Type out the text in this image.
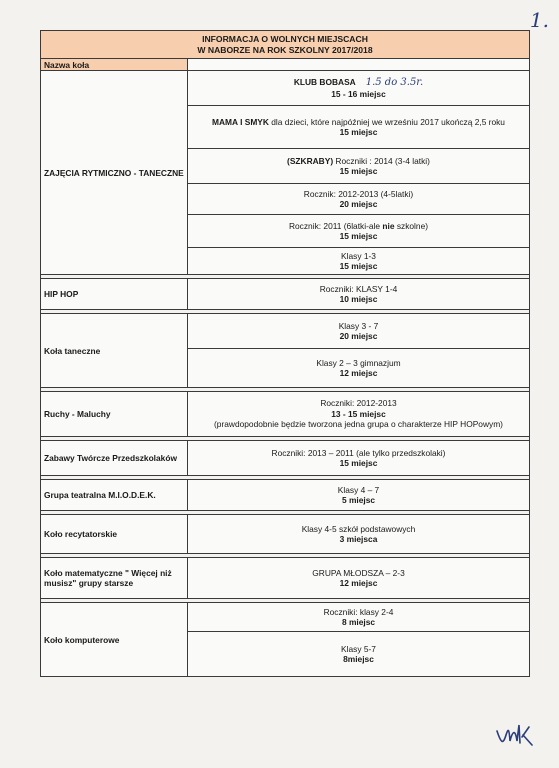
1.
INFORMACJA O WOLNYCH MIEJSCACH
W NABORZE NA ROK SZKOLNY 2017/2018	
Nazwa koła	
ZAJĘCIA RYTMICZNO - TANECZNE	KLUB BOBASA 1.5 do 3.5r.
15 - 16 miejsc
	MAMA I SMYK dla dzieci, które najpóźniej we wrześniu 2017 ukończą 2,5 roku
15 miejsc
	(SZKRABY) Roczniki : 2014 (3-4 latki)
15 miejsc
	Rocznik: 2012-2013 (4-5latki)
20 miejsc
	Rocznik: 2011 (6latki-ale nie szkolne)
15 miejsc
	Klasy 1-3
15 miejsc

HIP HOP	Roczniki: KLASY 1-4
10 miejsc

Koła taneczne	Klasy 3 - 7
20 miejsc
	Klasy 2 – 3 gimnazjum
12 miejsc

Ruchy - Maluchy	Roczniki: 2012-2013
13 - 15 miejsc
(prawdopodobnie będzie tworzona jedna grupa o charakterze HIP HOPowym)

Zabawy Twórcze Przedszkolaków	Roczniki: 2013 – 2011 (ale tylko przedszkolaki)
15 miejsc

Grupa teatralna M.I.O.D.E.K.	Klasy 4 – 7
5 miejsc

Koło recytatorskie	Klasy 4-5 szkół podstawowych
3 miejsca

Koło matematyczne " Więcej niż musisz" grupy starsze	GRUPA MŁODSZA – 2-3
12 miejsc

Koło komputerowe	Roczniki: klasy 2-4
8 miejsc
	Klasy 5-7
8miejsc
